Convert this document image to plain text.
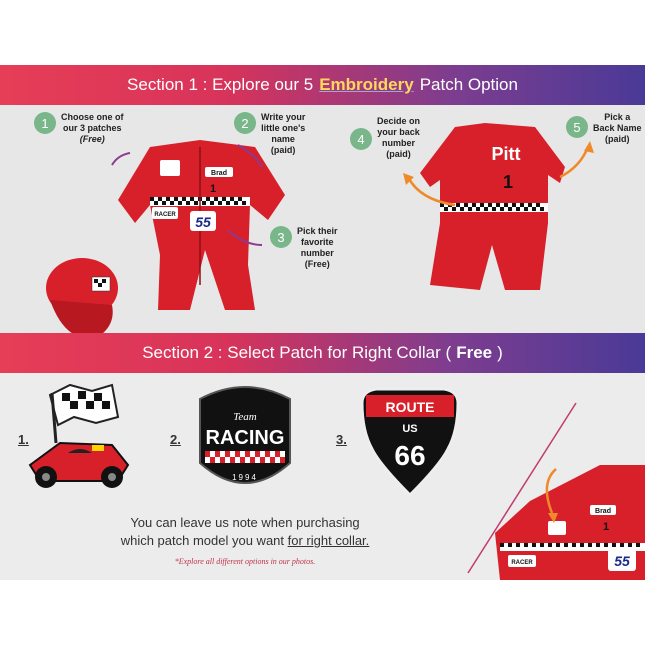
Section 1 : Explore our 5 Embroidery Patch Option
Brad
1
RACER 55
Pitt
1
1	Choose one of
our 3 patches
(Free)
2	Write your
little one's
name
(paid)
3	Pick their
favorite
number
(Free)
4
Decide on
your back
number
(paid)
5
Pick a
Back Name
(paid)
Section 2 : Select Patch for Right Collar ( Free )
1.	2.	3.
Team
RACING
1994
ROUTE
US
66
Brad
1
RACER	55
You can leave us note when purchasing
which patch model you want for right collar.
*Explore all different options in our photos.
